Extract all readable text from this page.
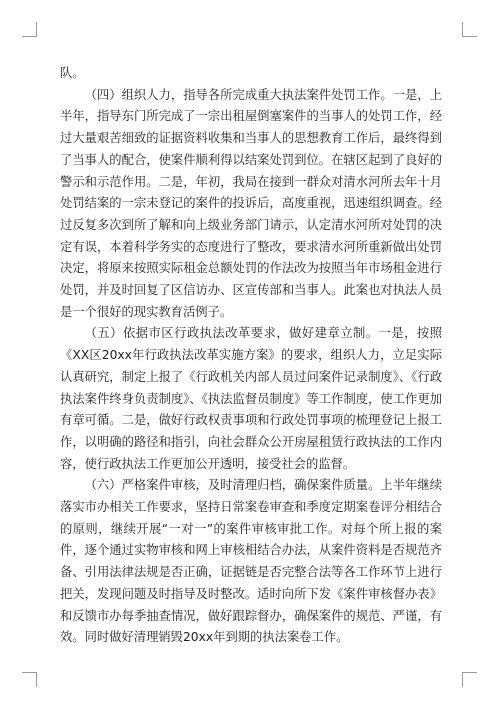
队。

（四）组织人力，指导各所完成重大执法案件处罚工作。一是，上半年，指导东门所完成了一宗出租屋倒塞案件的当事人的处罚工作，经过大量艰苦细致的证据资料收集和当事人的思想教育工作后，最终得到了当事人的配合，使案件顺利得以结案处罚到位。在辖区起到了良好的警示和示范作用。二是，年初，我局在接到一群众对清水河所去年十月处罚结案的一宗未登记的案件的投诉后，高度重视，迅速组织调查。经过反复多次到所了解和向上级业务部门请示，认定清水河所对处罚的决定有误，本着科学务实的态度进行了整改，要求清水河所重新做出处罚决定，将原来按照实际租金总额处罚的作法改为按照当年市场租金进行处罚，并及时回复了区信访办、区宣传部和当事人。此案也对执法人员是一个很好的现实教育活例子。

（五）依据市区行政执法改革要求，做好建章立制。一是，按照《XX区20xx年行政执法改革实施方案》的要求，组织人力，立足实际认真研究，制定上报了《行政机关内部人员过问案件记录制度》、《行政执法案件终身负责制度》、《执法监督员制度》等工作制度，使工作更加有章可循。二是，做好行政权责事项和行政处罚事项的梳理登记上报工作，以明确的路径和指引，向社会群众公开房屋租赁行政执法的工作内容，使行政执法工作更加公开透明，接受社会的监督。

（六）严格案件审核，及时清理归档，确保案件质量。上半年继续落实市办相关工作要求，坚持日常案卷审查和季度定期案卷评分相结合的原则，继续开展“一对一”的案件审核审批工作。对每个所上报的案件，逐个通过实物审核和网上审核相结合办法，从案件资料是否规范齐备、引用法律法规是否正确，证据链是否完整合法等各工作环节上进行把关，发现问题及时指导及时整改。适时向所下发《案件审核督办表》和反馈市办每季抽查情况，做好跟踪督办，确保案件的规范、严谨，有效。同时做好清理销毁20xx年到期的执法案卷工作。
